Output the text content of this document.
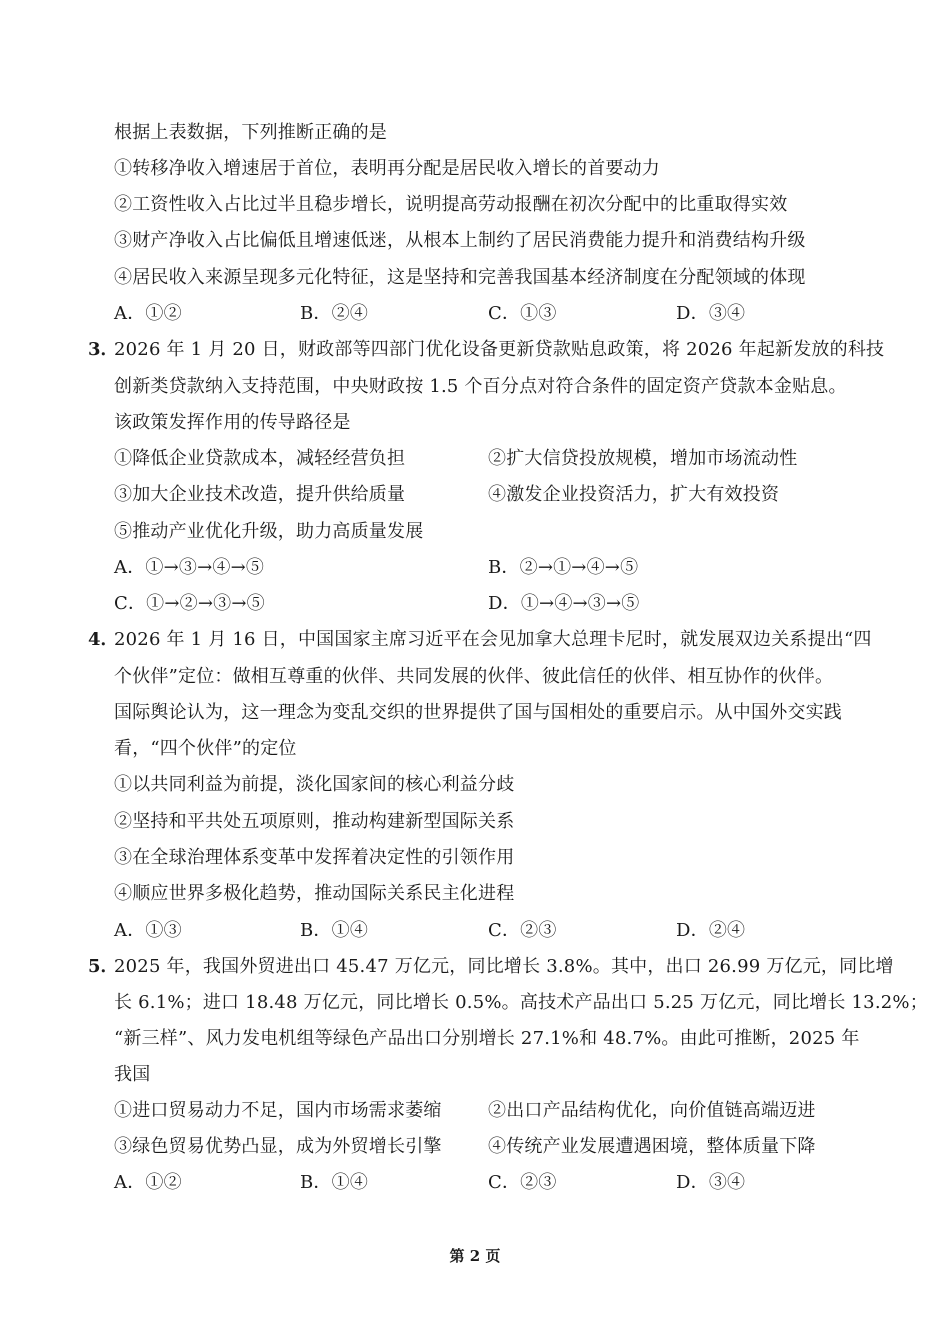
根据上表数据，下列推断正确的是
①转移净收入增速居于首位，表明再分配是居民收入增长的首要动力
②工资性收入占比过半且稳步增长，说明提高劳动报酬在初次分配中的比重取得实效
③财产净收入占比偏低且增速低迷，从根本上制约了居民消费能力提升和消费结构升级
④居民收入来源呈现多元化特征，这是坚持和完善我国基本经济制度在分配领域的体现
A．①②	B．②④	C．①③	D．③④
3．
2026 年 1 月 20 日，财政部等四部门优化设备更新贷款贴息政策，将 2026 年起新发放的科技
创新类贷款纳入支持范围，中央财政按 1.5 个百分点对符合条件的固定资产贷款本金贴息。
该政策发挥作用的传导路径是
①降低企业贷款成本，减轻经营负担	②扩大信贷投放规模，增加市场流动性
③加大企业技术改造，提升供给质量	④激发企业投资活力，扩大有效投资
⑤推动产业优化升级，助力高质量发展
A．①→③→④→⑤	B．②→①→④→⑤
C．①→②→③→⑤	D．①→④→③→⑤
4．
2026 年 1 月 16 日，中国国家主席习近平在会见加拿大总理卡尼时，就发展双边关系提出“四
个伙伴”定位：做相互尊重的伙伴、共同发展的伙伴、彼此信任的伙伴、相互协作的伙伴。
国际舆论认为，这一理念为变乱交织的世界提供了国与国相处的重要启示。从中国外交实践
看，“四个伙伴”的定位
①以共同利益为前提，淡化国家间的核心利益分歧
②坚持和平共处五项原则，推动构建新型国际关系
③在全球治理体系变革中发挥着决定性的引领作用
④顺应世界多极化趋势，推动国际关系民主化进程
A．①③	B．①④	C．②③	D．②④
5．
2025 年，我国外贸进出口 45.47 万亿元，同比增长 3.8%。其中，出口 26.99 万亿元，同比增
长 6.1%；进口 18.48 万亿元，同比增长 0.5%。高技术产品出口 5.25 万亿元，同比增长 13.2%；
“新三样”、风力发电机组等绿色产品出口分别增长 27.1%和 48.7%。由此可推断，2025 年
我国
①进口贸易动力不足，国内市场需求萎缩	②出口产品结构优化，向价值链高端迈进
③绿色贸易优势凸显，成为外贸增长引擎	④传统产业发展遭遇困境，整体质量下降
A．①②	B．①④	C．②③	D．③④
第 2 页
